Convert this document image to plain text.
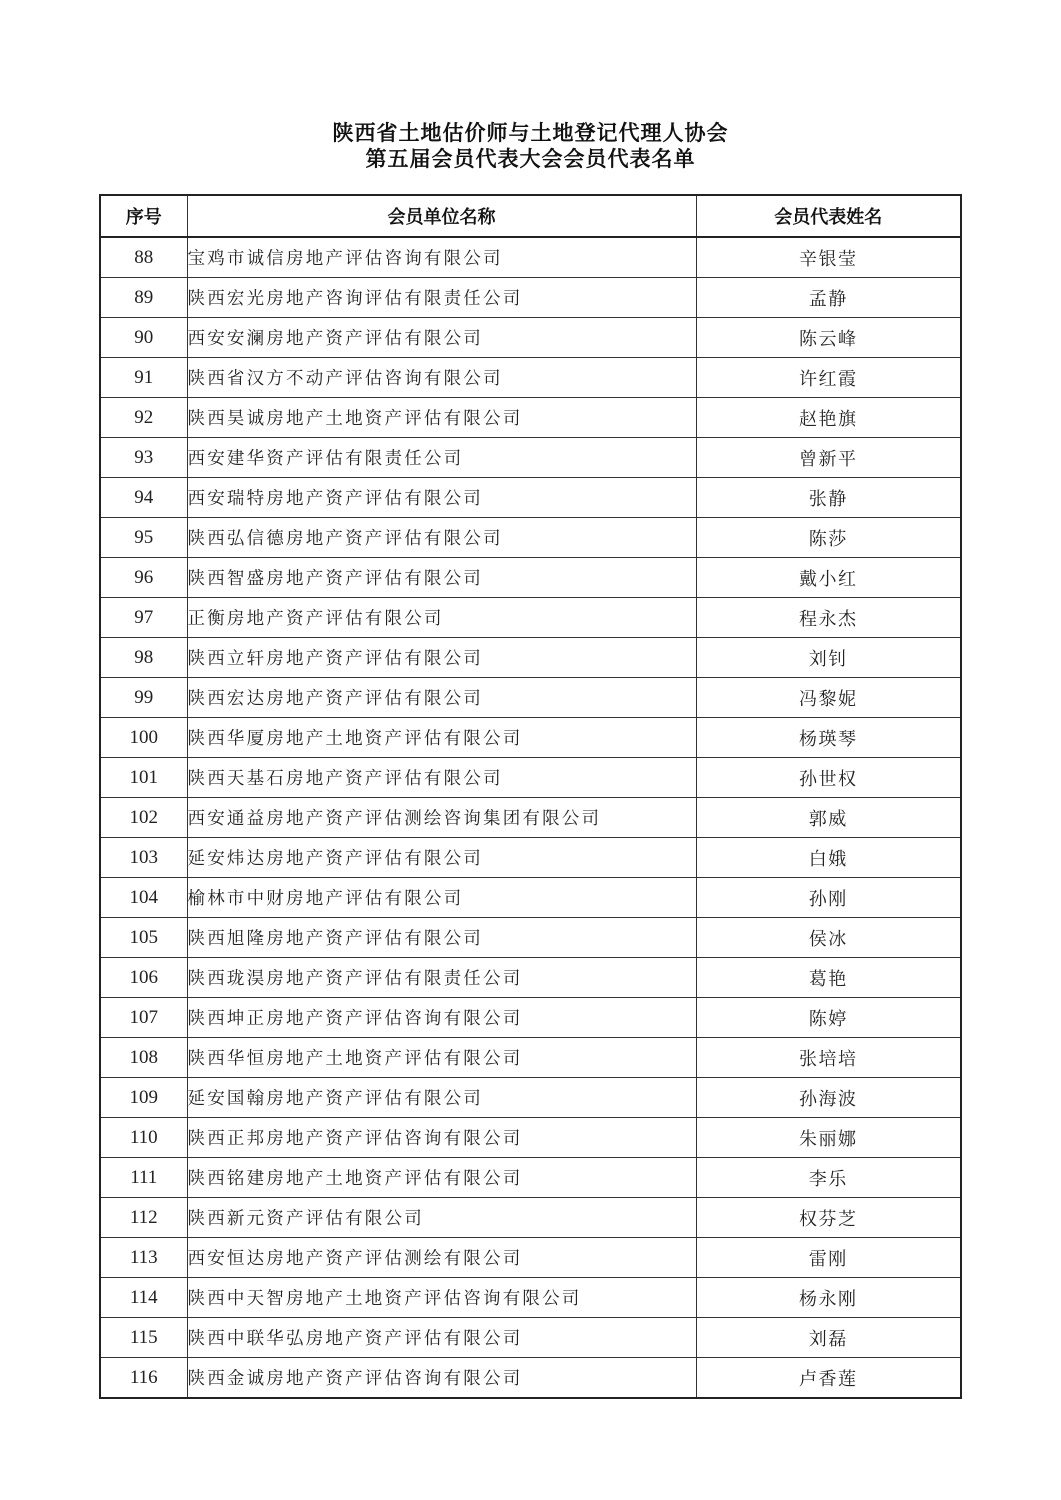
陕西省土地估价师与土地登记代理人协会
第五届会员代表大会会员代表名单
序号	会员单位名称	会员代表姓名
88	宝鸡市诚信房地产评估咨询有限公司	辛银莹
89	陕西宏光房地产咨询评估有限责任公司	孟静
90	西安安澜房地产资产评估有限公司	陈云峰
91	陕西省汉方不动产评估咨询有限公司	许红霞
92	陕西昊诚房地产土地资产评估有限公司	赵艳旗
93	西安建华资产评估有限责任公司	曾新平
94	西安瑞特房地产资产评估有限公司	张静
95	陕西弘信德房地产资产评估有限公司	陈莎
96	陕西智盛房地产资产评估有限公司	戴小红
97	正衡房地产资产评估有限公司	程永杰
98	陕西立轩房地产资产评估有限公司	刘钊
99	陕西宏达房地产资产评估有限公司	冯黎妮
100	陕西华厦房地产土地资产评估有限公司	杨瑛琴
101	陕西天基石房地产资产评估有限公司	孙世权
102	西安通益房地产资产评估测绘咨询集团有限公司	郭威
103	延安炜达房地产资产评估有限公司	白娥
104	榆林市中财房地产评估有限公司	孙刚
105	陕西旭隆房地产资产评估有限公司	侯冰
106	陕西珑淏房地产资产评估有限责任公司	葛艳
107	陕西坤正房地产资产评估咨询有限公司	陈婷
108	陕西华恒房地产土地资产评估有限公司	张培培
109	延安国翰房地产资产评估有限公司	孙海波
110	陕西正邦房地产资产评估咨询有限公司	朱丽娜
111	陕西铭建房地产土地资产评估有限公司	李乐
112	陕西新元资产评估有限公司	权芬芝
113	西安恒达房地产资产评估测绘有限公司	雷刚
114	陕西中天智房地产土地资产评估咨询有限公司	杨永刚
115	陕西中联华弘房地产资产评估有限公司	刘磊
116	陕西金诚房地产资产评估咨询有限公司	卢香莲
